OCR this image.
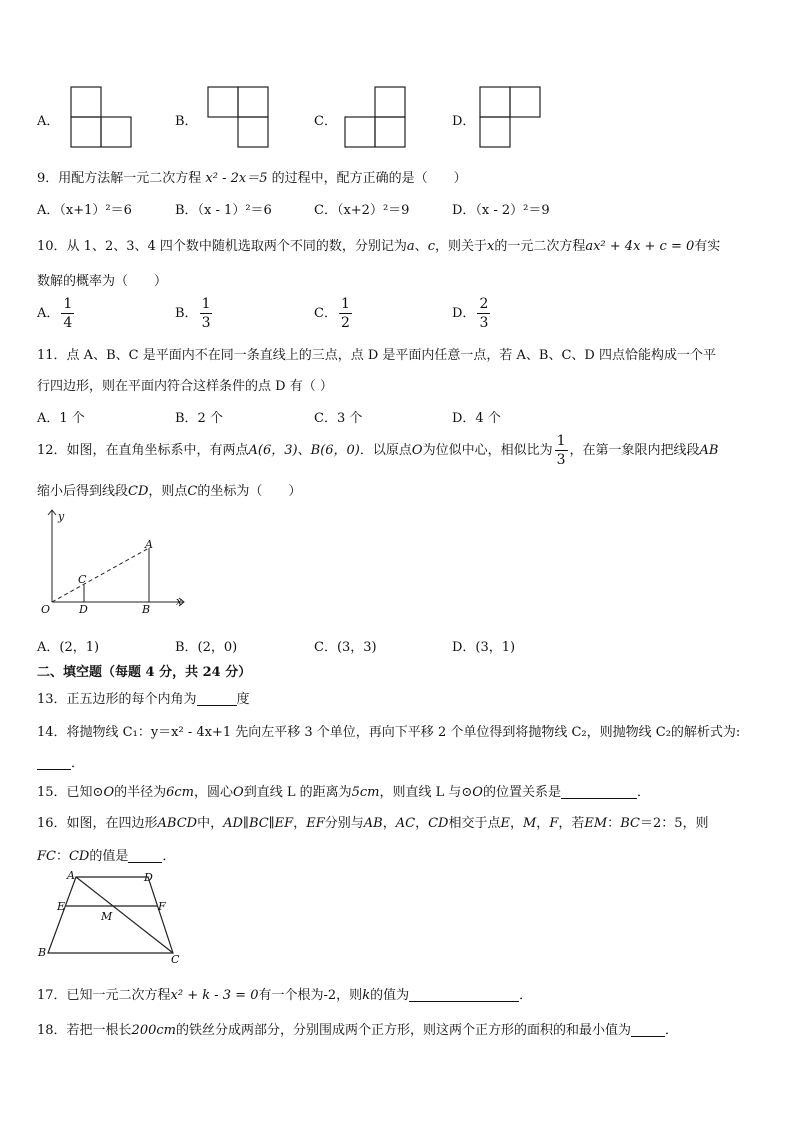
A．	B．	C．	D．
9．用配方法解一元二次方程 x² - 2x＝5 的过程中，配方正确的是（　　）
A．（x+1）²＝6	B．（x - 1）²＝6	C．（x+2）²＝9	D．（x - 2）²＝9
10．从 1、2、3、4 四个数中随机选取两个不同的数，分别记为a、c，则关于x的一元二次方程ax² + 4x + c = 0有实
数解的概率为（　　）
A． $\frac{1}{4}$	B． $\frac{1}{3}$	C． $\frac{1}{2}$	D． $\frac{2}{3}$
11．点 A、B、C 是平面内不在同一条直线上的三点，点 D 是平面内任意一点，若 A、B、C、D 四点恰能构成一个平
行四边形，则在平面内符合这样条件的点 D 有（ ）
A．1 个	B．2 个	C．3 个	D．4 个
12．如图，在直角坐标系中，有两点A(6，3)、B(6，0)．以原点O为位似中心，相似比为 $\frac{1}{3}$ ，在第一象限内把线段AB
缩小后得到线段CD，则点C的坐标为（　　）
y
x
O
A
B
C
D
A．(2，1)	B．(2，0)	C．(3，3)	D．(3，1)
二、填空题（每题 4 分，共 24 分）
13．正五边形的每个内角为	度
14．将抛物线 C₁：y＝x² - 4x+1 先向左平移 3 个单位，再向下平移 2 个单位得到将抛物线 C₂，则抛物线 C₂的解析式为:
．
15．已知⊙O的半径为6cm，圆心O到直线 L 的距离为5cm，则直线 L 与⊙O的位置关系是	．
16．如图，在四边形ABCD中，AD∥BC∥EF，EF分别与AB，AC，CD相交于点E，M，F，若EM：BC＝2：5，则
FC：CD的值是	．
A	D
E	F
M
B
C
17．已知一元二次方程x² + k - 3 = 0有一个根为-2，则k的值为	．
18．若把一根长200cm的铁丝分成两部分，分别围成两个正方形，则这两个正方形的面积的和最小值为	．
